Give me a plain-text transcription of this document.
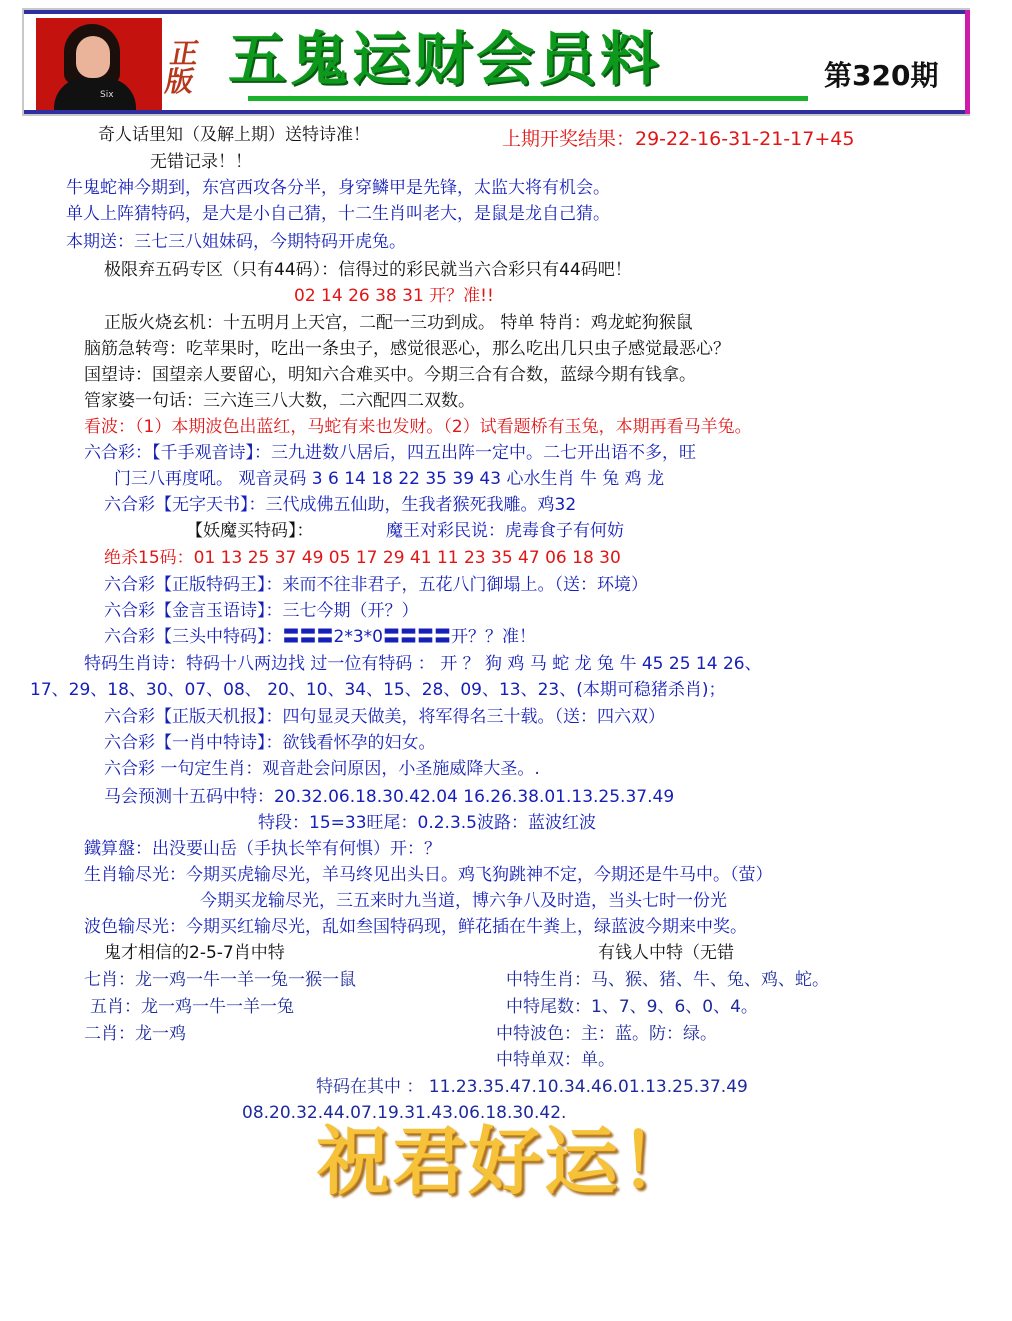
Six
正版 五鬼运财会员料	第320期
奇人话里知（及解上期）送特诗准！	上期开奖结果：29-22-16-31-21-17+45
无错记录！！
牛鬼蛇神今期到，东宫西攻各分半，身穿鳞甲是先锋，太监大将有机会。
单人上阵猜特码，是大是小自己猜，十二生肖叫老大，是鼠是龙自己猜。
本期送：三七三八姐妹码，今期特码开虎兔。
极限弃五码专区（只有44码）：信得过的彩民就当六合彩只有44码吧！
02 14 26 38 31 开？准!!
正版火烧玄机：十五明月上天宫，二配一三功到成。 特单 特肖：鸡龙蛇狗猴鼠
脑筋急转弯：吃苹果时，吃出一条虫子，感觉很恶心，那么吃出几只虫子感觉最恶心？
国望诗：国望亲人要留心，明知六合难买中。今期三合有合数，蓝绿今期有钱拿。
管家婆一句话：三六连三八大数，二六配四二双数。
看波：（1）本期波色出蓝红，马蛇有来也发财。（2）试看题桥有玉兔，本期再看马羊兔。
六合彩：【千手观音诗】：三九进数八居后，四五出阵一定中。二七开出语不多，旺
门三八再度吼。 观音灵码 3 6 14 18 22 35 39 43 心水生肖 牛 兔 鸡 龙
六合彩【无字天书】：三代成佛五仙助，生我者猴死我雕。鸡32
【妖魔买特码】：	魔王对彩民说：虎毒食子有何妨
绝杀15码：01 13 25 37 49 05 17 29 41 11 23 35 47 06 18 30
六合彩【正版特码王】：来而不往非君子，五花八门御塌上。（送：环境）
六合彩【金言玉语诗】：三七今期（开？）
六合彩【三头中特码】：〓〓〓2*3*0〓〓〓〓开？？准！
特码生肖诗：特码十八两边找 过一位有特码 ： 开 ？ 狗 鸡 马 蛇 龙 兔 牛 45 25 14 26、
17、29、18、30、07、08、 20、10、34、15、28、09、13、23、(本期可稳猪杀肖)；
六合彩【正版天机报】：四句显灵天做美，将军得名三十载。（送：四六双）
六合彩【一肖中特诗】：欲钱看怀孕的妇女。
六合彩 一句定生肖：观音赴会问原因，小圣施威降大圣。.
马会预测十五码中特：20.32.06.18.30.42.04 16.26.38.01.13.25.37.49
特段：15=33旺尾：0.2.3.5波路：蓝波红波
鐵算盤：出没要山岳（手执长竿有何惧）开：？
生肖输尽光：今期买虎输尽光，羊马终见出头日。鸡飞狗跳神不定，今期还是牛马中。（萤）
今期买龙输尽光，三五来时九当道，博六争八及时造，当头七时一份光
波色输尽光：今期买红输尽光，乱如叁国特码现，鲜花插在牛粪上，绿蓝波今期来中奖。
鬼才相信的2-5-7肖中特	有钱人中特（无错
七肖：龙一鸡一牛一羊一兔一猴一鼠	中特生肖：马、猴、猪、牛、兔、鸡、蛇。
五肖：龙一鸡一牛一羊一兔	中特尾数：1、7、9、6、0、4。
二肖：龙一鸡	中特波色：主：蓝。防：绿。
中特单双：单。
特码在其中 ： 11.23.35.47.10.34.46.01.13.25.37.49
08.20.32.44.07.19.31.43.06.18.30.42.
祝君好运！
